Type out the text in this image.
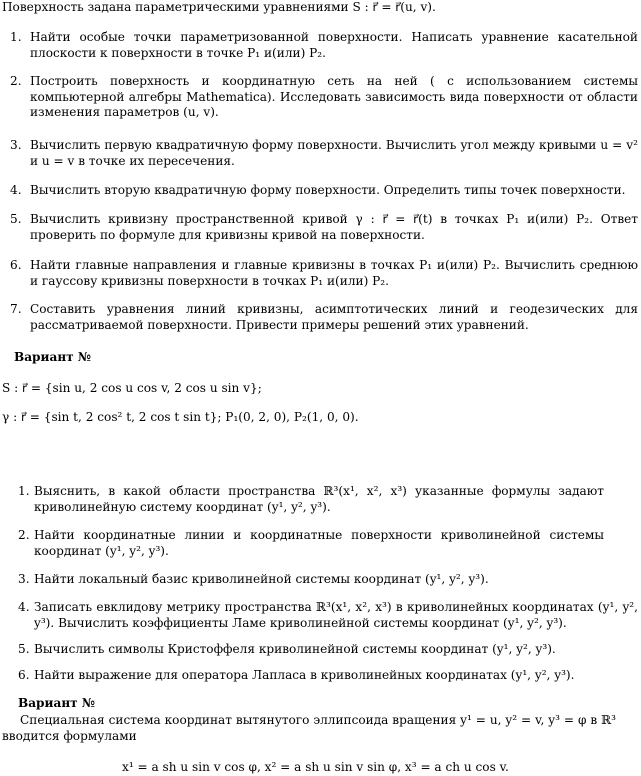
Поверхность задана параметрическими уравнениями S : r⃗ = r⃗(u, v).
1. Найти особые точки параметризованной поверхности. Написать уравнение касательной плоскости к поверхности в точке P₁ и(или) P₂.
2. Построить поверхность и координатную сеть на ней ( с использованием системы компьютерной алгебры Mathematica). Исследовать зависимость вида поверхности от области изменения параметров (u, v).
3. Вычислить первую квадратичную форму поверхности. Вычислить угол между кривыми u = v² и u = v в точке их пересечения.
4. Вычислить вторую квадратичную форму поверхности. Определить типы точек поверхности.
5. Вычислить кривизну пространственной кривой γ : r⃗ = r⃗(t) в точках P₁ и(или) P₂. Ответ проверить по формуле для кривизны кривой на поверхности.
6. Найти главные направления и главные кривизны в точках P₁ и(или) P₂. Вычислить среднюю и гауссову кривизны поверхности в точках P₁ и(или) P₂.
7. Составить уравнения линий кривизны, асимптотических линий и геодезических для рассматриваемой поверхности. Привести примеры решений этих уравнений.
Вариант №
S : r⃗ = {sin u, 2 cos u cos v, 2 cos u sin v};
γ : r⃗ = {sin t, 2 cos² t, 2 cos t sin t}; P₁(0, 2, 0), P₂(1, 0, 0).
1. Выяснить, в какой области пространства ℝ³(x¹, x², x³) указанные формулы задают криволинейную систему координат (y¹, y², y³).
2. Найти координатные линии и координатные поверхности криволинейной системы координат (y¹, y², y³).
3. Найти локальный базис криволинейной системы координат (y¹, y², y³).
4. Записать евклидову метрику пространства ℝ³(x¹, x², x³) в криволинейных координатах (y¹, y², y³). Вычислить коэффициенты Ламе криволинейной системы координат (y¹, y², y³).
5. Вычислить символы Кристоффеля криволинейной системы координат (y¹, y², y³).
6. Найти выражение для оператора Лапласа в криволинейных координатах (y¹, y², y³).
Вариант №
Специальная система координат вытянутого эллипсоида вращения y¹ = u, y² = v, y³ = φ в ℝ³ вводится формулами
x¹ = a sh u sin v cos φ, x² = a sh u sin v sin φ, x³ = a ch u cos v.
